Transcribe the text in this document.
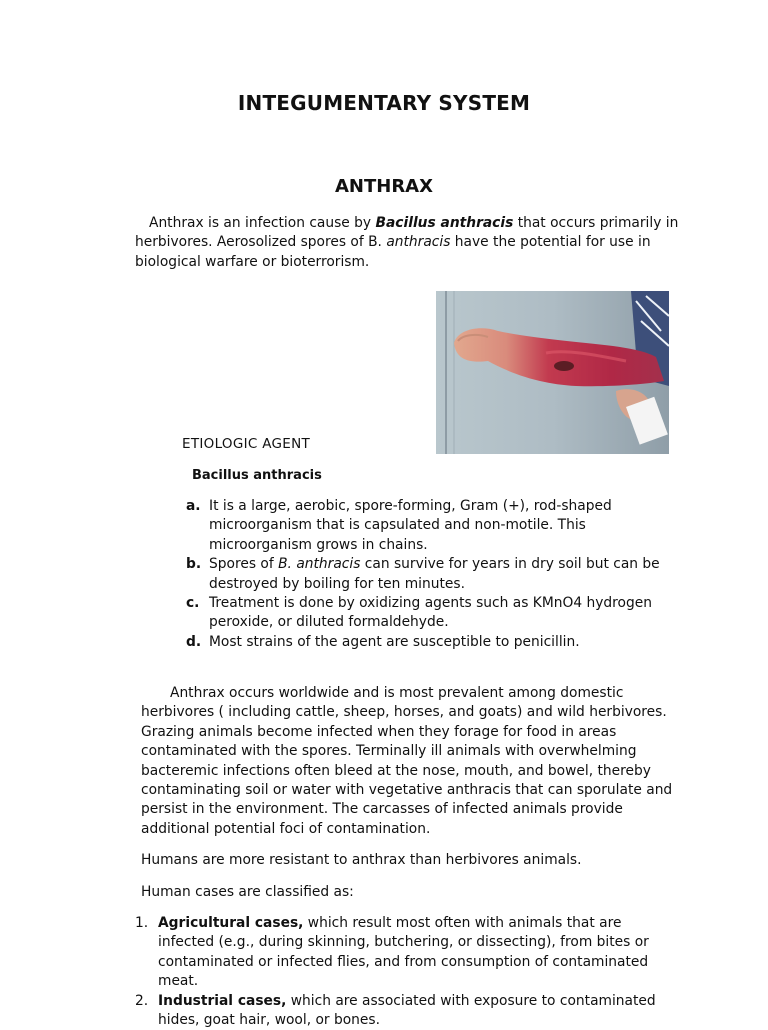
INTEGUMENTARY SYSTEM
ANTHRAX
Anthrax is an infection cause by Bacillus anthracis that occurs primarily in herbivores. Aerosolized spores of B. anthracis have the potential for use in biological warfare or bioterrorism.
ETIOLOGIC AGENT
Bacillus anthracis
a. It is a large, aerobic, spore-forming, Gram (+), rod-shaped microorganism that is capsulated and non-motile. This microorganism grows in chains.
b. Spores of B. anthracis can survive for years in dry soil but can be destroyed by boiling for ten minutes.
c. Treatment is done by oxidizing agents such as KMnO4 hydrogen peroxide, or diluted formaldehyde.
d. Most strains of the agent are susceptible to penicillin.
Anthrax occurs worldwide and is most prevalent among domestic herbivores ( including cattle, sheep, horses, and goats) and wild herbivores. Grazing animals become infected when they forage for food in areas contaminated with the spores. Terminally ill animals with overwhelming bacteremic infections often bleed at the nose, mouth, and bowel, thereby contaminating soil or water with vegetative anthracis that can sporulate and persist in the environment. The carcasses of infected animals provide additional potential foci of contamination.
Humans are more resistant to anthrax than herbivores animals.
Human cases are classified as:
1. Agricultural cases, which result most often with animals that are infected (e.g., during skinning, butchering, or dissecting), from bites or contaminated or infected flies, and from consumption of contaminated meat.
2. Industrial cases, which are associated with exposure to contaminated hides, goat hair, wool, or bones.
